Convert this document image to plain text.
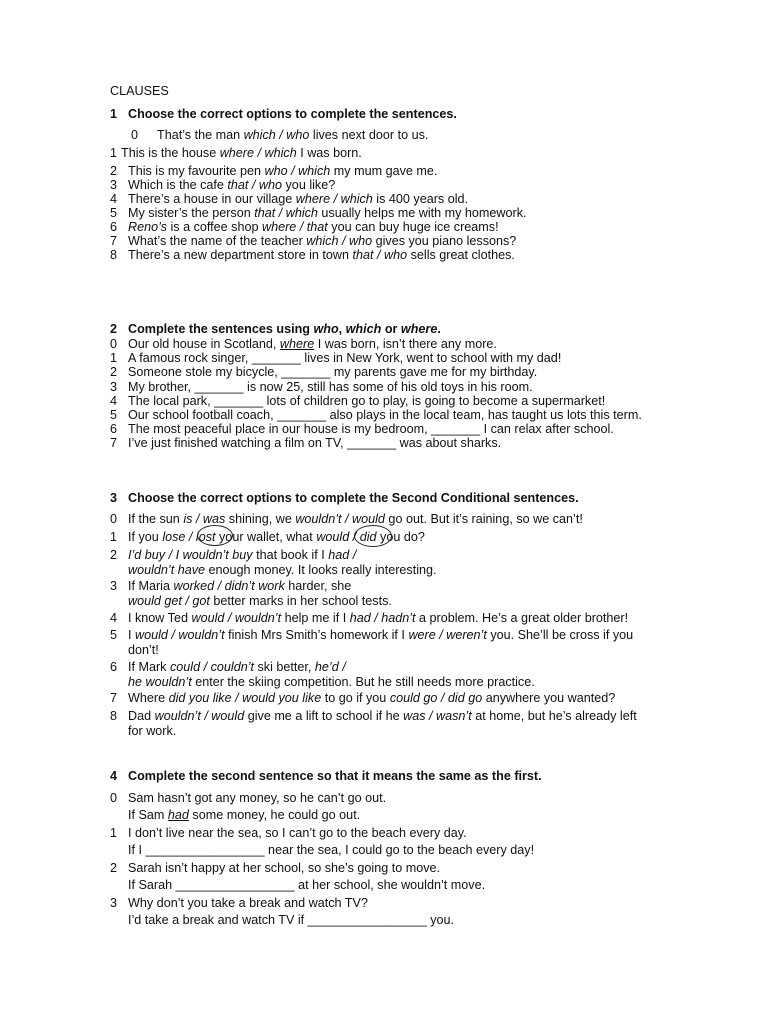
CLAUSES
1 Choose the correct options to complete the sentences.
2 Complete the sentences using who, which or where.
3 Choose the correct options to complete the Second Conditional sentences.
4 Complete the second sentence so that it means the same as the first.
0 That’s the man which / who lives next door to us.
1 This is the house where / which I was born.
2 This is my favourite pen who / which my mum gave me.
3 Which is the cafe that / who you like?
4 There’s a house in our village where / which is 400 years old.
5 My sister’s the person that / which usually helps me with my homework.
6 Reno’s is a coffee shop where / that you can buy huge ice creams!
7 What’s the name of the teacher which / who gives you piano lessons?
8 There’s a new department store in town that / who sells great clothes.
0 Our old house in Scotland, where I was born, isn’t there any more.
1 A famous rock singer, _______ lives in New York, went to school with my dad!
2 Someone stole my bicycle, _______ my parents gave me for my birthday.
3 My brother, _______ is now 25, still has some of his old toys in his room.
4 The local park, _______ lots of children go to play, is going to become a supermarket!
5 Our school football coach, _______ also plays in the local team, has taught us lots this term.
6 The most peaceful place in our house is my bedroom, _______ I can relax after school.
7 I’ve just finished watching a film on TV, _______ was about sharks.
0 If the sun is / was shining, we wouldn’t / would go out. But it’s raining, so we can’t!
1 If you lose / lost your wallet, what would / did you do?
2 I’d buy / I wouldn’t buy that book if I had /
wouldn’t have enough money. It looks really interesting.
3 If Maria worked / didn’t work harder, she
would get / got better marks in her school tests.
4 I know Ted would / wouldn’t help me if I had / hadn’t a problem. He’s a great older brother!
5 I would / wouldn’t finish Mrs Smith’s homework if I were / weren’t you. She’ll be cross if you
don’t!
6 If Mark could / couldn’t ski better, he’d /
he wouldn’t enter the skiing competition. But he still needs more practice.
7 Where did you like / would you like to go if you could go / did go anywhere you wanted?
8 Dad wouldn’t / would give me a lift to school if he was / wasn’t at home, but he’s already left
for work.
0 Sam hasn’t got any money, so he can’t go out.
If Sam had some money, he could go out.
1 I don’t live near the sea, so I can’t go to the beach every day.
If I _________________ near the sea, I could go to the beach every day!
2 Sarah isn’t happy at her school, so she’s going to move.
If Sarah _________________ at her school, she wouldn’t move.
3 Why don’t you take a break and watch TV?
I’d take a break and watch TV if _________________ you.
